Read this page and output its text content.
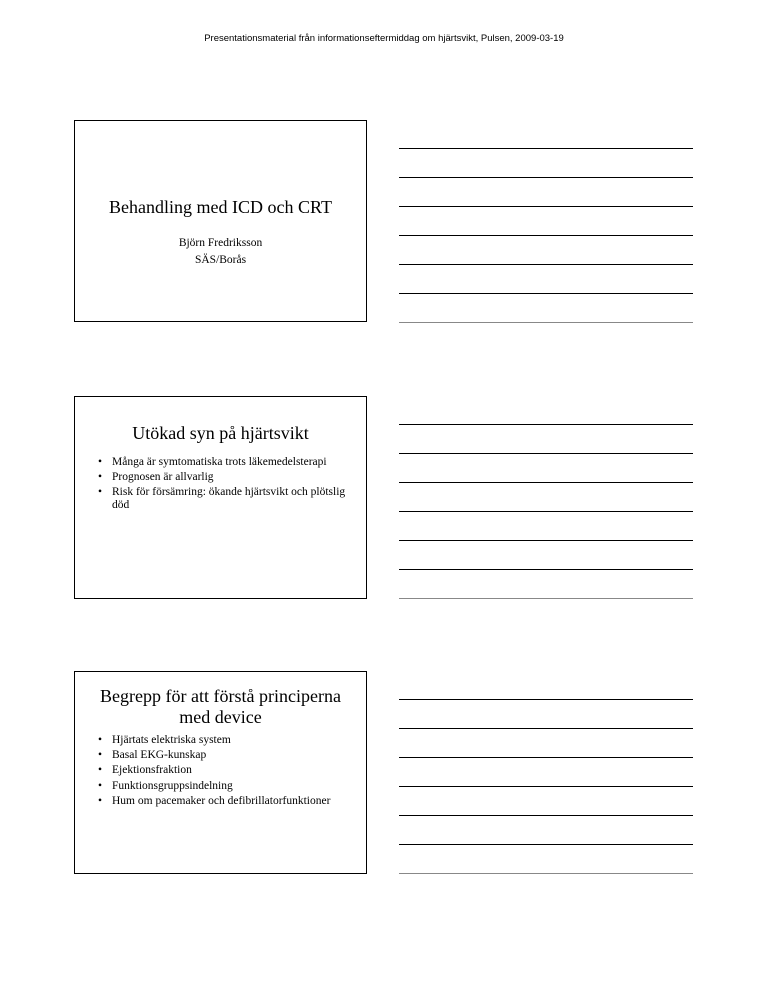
Presentationsmaterial från informationseftermiddag om hjärtsvikt, Pulsen, 2009-03-19
Behandling med ICD och CRT
Björn Fredriksson
SÄS/Borås
Utökad syn på hjärtsvikt
• Många är symtomatiska trots läkemedelsterapi
• Prognosen är allvarlig
• Risk för försämring: ökande hjärtsvikt och plötslig död
Begrepp för att förstå principerna med device
• Hjärtats elektriska system
• Basal EKG-kunskap
• Ejektionsfraktion
• Funktionsgruppsindelning
• Hum om pacemaker och defibrillatorfunktioner
